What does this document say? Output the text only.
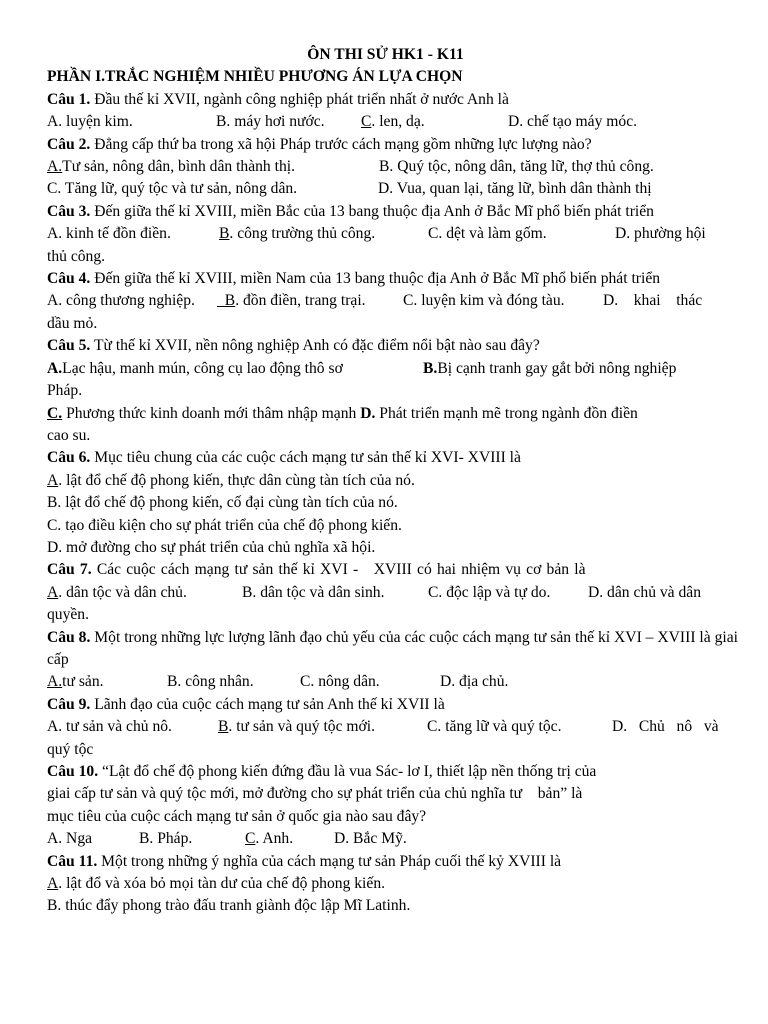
ÔN THI SỬ HK1 - K11
PHẦN I.TRẮC NGHIỆM NHIỀU PHƯƠNG ÁN LỰA CHỌN
Câu 1. Đầu thế kỉ XVII, ngành công nghiệp phát triển nhất ở nước Anh là
A. luyện kim.	B. máy hơi nước.	C. len, dạ.	D. chế tạo máy móc.
Câu 2. Đẳng cấp thứ ba trong xã hội Pháp trước cách mạng gồm những lực lượng nào?
A.Tư sản, nông dân, bình dân thành thị.	B. Quý tộc, nông dân, tăng lữ, thợ thủ công.
C. Tăng lữ, quý tộc và tư sản, nông dân.	D. Vua, quan lại, tăng lữ, bình dân thành thị
Câu 3. Đến giữa thế kỉ XVIII, miền Bắc của 13 bang thuộc địa Anh ở Bắc Mĩ phổ biến phát triển
A. kinh tế đồn điền.	B. công trường thủ công.	C. dệt và làm gốm.	D. phường hội
thủ công.
Câu 4. Đến giữa thế kỉ XVIII, miền Nam của 13 bang thuộc địa Anh ở Bắc Mĩ phổ biến phát triển
A. công thương nghiệp.	B. đồn điền, trang trại.	C. luyện kim và đóng tàu.	D.    khai    thác
dầu mỏ.
Câu 5. Từ thế kỉ XVII, nền nông nghiệp Anh có đặc điểm nổi bật nào sau đây?
A.Lạc hậu, manh mún, công cụ lao động thô sơ	B.Bị cạnh tranh gay gắt bởi nông nghiệp
Pháp.
C. Phương thức kinh doanh mới thâm nhập mạnh D. Phát triển mạnh mẽ trong ngành đồn điền
cao su.
Câu 6. Mục tiêu chung của các cuộc cách mạng tư sản thế kỉ XVI- XVIII là
A. lật đổ chế độ phong kiến, thực dân cùng tàn tích của nó.
B. lật đổ chế độ phong kiến, cố đại cùng tàn tích của nó.
C. tạo điều kiện cho sự phát triển của chế độ phong kiến.
D. mở đường cho sự phát triển của chủ nghĩa xã hội.
Câu 7. Các cuộc cách mạng tư sản thế kỉ XVI -   XVIII có hai nhiệm vụ cơ bản là
A. dân tộc và dân chủ.	B. dân tộc và dân sinh.	C. độc lập và tự do.	D. dân chủ và dân
quyền.
Câu 8. Một trong những lực lượng lãnh đạo chủ yếu của các cuộc cách mạng tư sản thế kỉ XVI – XVIII là giai cấp
A.tư sản.	B. công nhân.	C. nông dân.	D. địa chủ.
Câu 9. Lãnh đạo của cuộc cách mạng tư sản Anh thế kỉ XVII là
A. tư sản và chủ nô.	B. tư sản và quý tộc mới.	C. tăng lữ và quý tộc.	D.   Chủ   nô   và
quý tộc
Câu 10. “Lật đổ chế độ phong kiến đứng đầu là vua Sác- lơ I, thiết lập nền thống trị của
giai cấp tư sản và quý tộc mới, mở đường cho sự phát triển của chủ nghĩa tư    bản” là
mục tiêu của cuộc cách mạng tư sản ở quốc gia nào sau đây?
A. Nga	B. Pháp.	C. Anh.	D. Bắc Mỹ.
Câu 11. Một trong những ý nghĩa của cách mạng tư sản Pháp cuối thế kỷ XVIII là
A. lật đổ và xóa bỏ mọi tàn dư của chế độ phong kiến.
B. thúc đẩy phong trào đấu tranh giành độc lập Mĩ Latinh.
